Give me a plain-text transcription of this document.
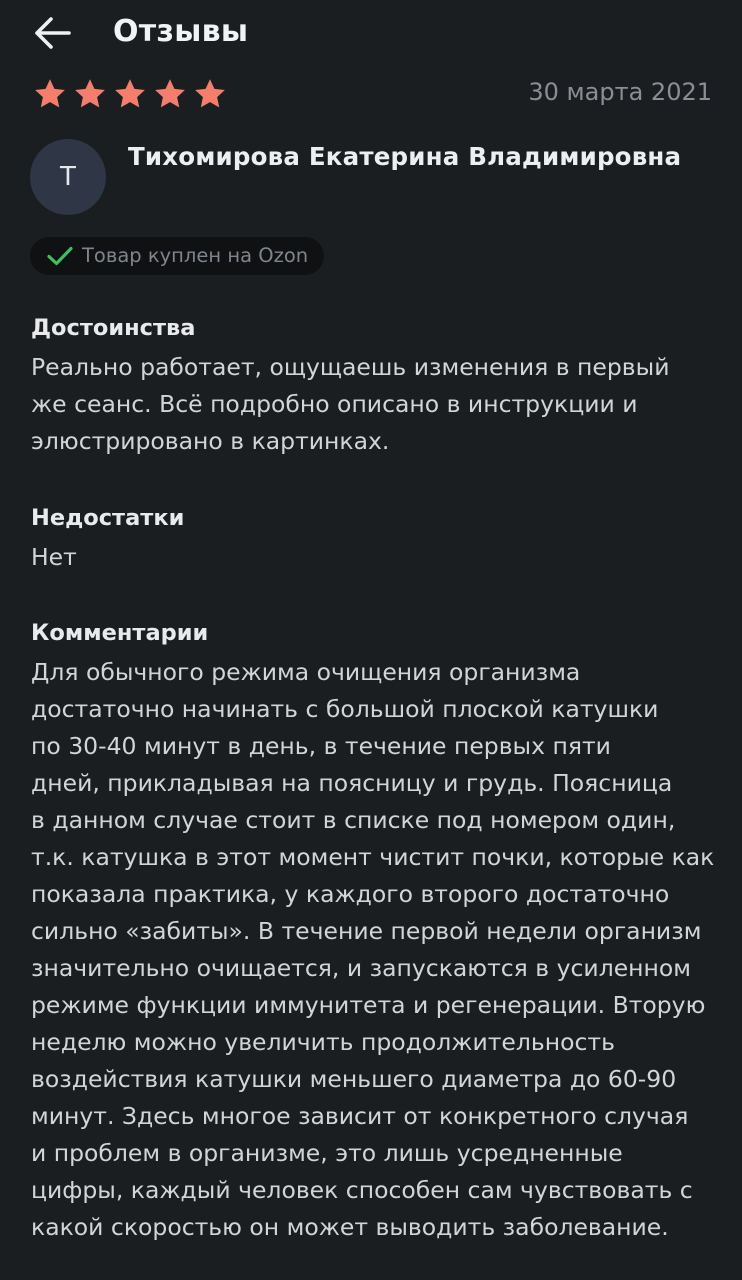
Отзывы
30 марта 2021
Т
Тихомирова Екатерина Владимировна
Товар куплен на Ozon
Достоинства
Реально работает, ощущаешь изменения в первый
же сеанс. Всё подробно описано в инструкции и
элюстрировано в картинках.
Недостатки
Нет
Комментарии
Для обычного режима очищения организма
достаточно начинать с большой плоской катушки
по 30-40 минут в день, в течение первых пяти
дней, прикладывая на поясницу и грудь. Поясница
в данном случае стоит в списке под номером один,
т.к. катушка в этот момент чистит почки, которые как
показала практика, у каждого второго достаточно
сильно «забиты». В течение первой недели организм
значительно очищается, и запускаются в усиленном
режиме функции иммунитета и регенерации. Вторую
неделю можно увеличить продолжительность
воздействия катушки меньшего диаметра до 60-90
минут. Здесь многое зависит от конкретного случая
и проблем в организме, это лишь усредненные
цифры, каждый человек способен сам чувствовать с
какой скоростью он может выводить заболевание.
